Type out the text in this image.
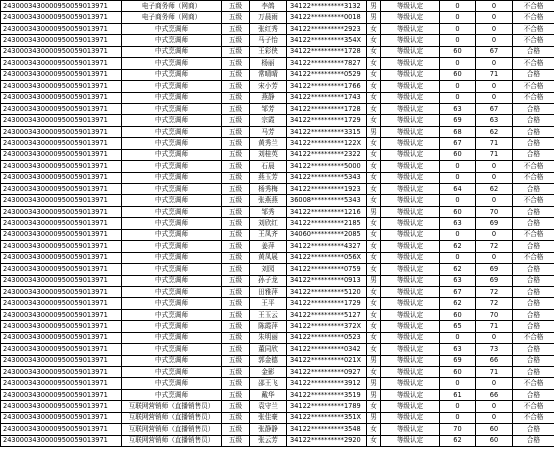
2430003430000950059013971	电子商务师（网商）	五级	李鸽	34122**********3132	男	等级认定	0	0	不合格
2430003430000950059013971	电子商务师（网商）	五级	万晨雨	34122**********0018	男	等级认定	0	0	不合格
2430003430000950059013971	中式烹调师	五级	张红秀	34122**********2923	女	等级认定	0	0	不合格
2430003430000950059013971	中式烹调师	五级	马子怡	34122**********354X	女	等级认定	0	0	不合格
2430003430000950059013971	中式烹调师	五级	王彩侠	34122**********1728	女	等级认定	60	67	合格
2430003430000950059013971	中式烹调师	五级	杨丽	34122**********7827	女	等级认定	0	0	不合格
2430003430000950059013971	中式烹调师	五级	常晴晴	34122**********0529	女	等级认定	60	71	合格
2430003430000950059013971	中式烹调师	五级	宋小芳	34122**********1766	女	等级认定	0	0	不合格
2430003430000950059013971	中式烹调师	五级	燕静	34122**********1743	女	等级认定	0	0	不合格
2430003430000950059013971	中式烹调师	五级	邹芳	34122**********1728	女	等级认定	63	67	合格
2430003430000950059013971	中式烹调师	五级	宗霞	34122**********1729	女	等级认定	69	63	合格
2430003430000950059013971	中式烹调师	五级	马芳	34122**********3315	男	等级认定	68	62	合格
2430003430000950059013971	中式烹调师	五级	黄秀兰	34122**********122X	女	等级认定	67	71	合格
2430003430000950059013971	中式烹调师	五级	刘桂英	34122**********2322	女	等级认定	60	71	合格
2430003430000950059013971	中式烹调师	五级	石晨	34122**********5000	女	等级认定	0	0	不合格
2430003430000950059013971	中式烹调师	五级	燕玉芳	34122**********5343	女	等级认定	0	0	不合格
2430003430000950059013971	中式烹调师	五级	杨秀梅	34122**********1923	女	等级认定	64	62	合格
2430003430000950059013971	中式烹调师	五级	张燕燕	36008**********5343	女	等级认定	0	0	不合格
2430003430000950059013971	中式烹调师	五级	邹秀	34122**********1216	男	等级认定	60	70	合格
2430003430000950059013971	中式烹调师	五级	刘欣红	34122**********2185	女	等级认定	63	69	合格
2430003430000950059013971	中式烹调师	五级	王凤齐	34060**********2085	女	等级认定	0	0	不合格
2430003430000950059013971	中式烹调师	五级	姜萍	34122**********4327	女	等级认定	62	72	合格
2430003430000950059013971	中式烹调师	五级	黄凤展	34122**********056X	女	等级认定	0	0	不合格
2430003430000950059013971	中式烹调师	五级	刘园	34122**********0759	女	等级认定	62	69	合格
2430003430000950059013971	中式烹调师	五级	孙子龙	34122**********0913	男	等级认定	63	69	合格
2430003430000950059013971	中式烹调师	五级	田雅萍	34122**********5120	女	等级认定	67	72	合格
2430003430000950059013971	中式烹调师	五级	王平	34122**********1729	女	等级认定	62	72	合格
2430003430000950059013971	中式烹调师	五级	王玉云	34122**********5127	女	等级认定	60	70	合格
2430003430000950059013971	中式烹调师	五级	陈霞萍	34122**********372X	女	等级认定	65	71	合格
2430003430000950059013971	中式烹调师	五级	朱明丽	34122**********0523	女	等级认定	0	0	不合格
2430003430000950059013971	中式烹调师	五级	董同欣	34122**********0342	女	等级认定	63	73	合格
2430003430000950059013971	中式烹调师	五级	郭金德	34122**********021X	男	等级认定	69	66	合格
2430003430000950059013971	中式烹调师	五级	金影	34122**********0927	女	等级认定	60	71	合格
2430003430000950059013971	中式烹调师	五级	邵王飞	34122**********3912	男	等级认定	0	0	不合格
2430003430000950059013971	中式烹调师	五级	戴华	34122**********3519	男	等级认定	61	66	合格
2430003430000950059013971	互联网营销师（直播销售员）	五级	袁守兰	34122**********1789	女	等级认定	0	0	不合格
2430003430000950059013971	互联网营销师（直播销售员）	五级	张佳豪	34122**********351X	男	等级认定	0	0	不合格
2430003430000950059013971	互联网营销师（直播销售员）	五级	张静静	34122**********3548	女	等级认定	70	60	合格
2430003430000950059013971	互联网营销师（直播销售员）	五级	张云芳	34122**********2920	女	等级认定	62	60	合格
